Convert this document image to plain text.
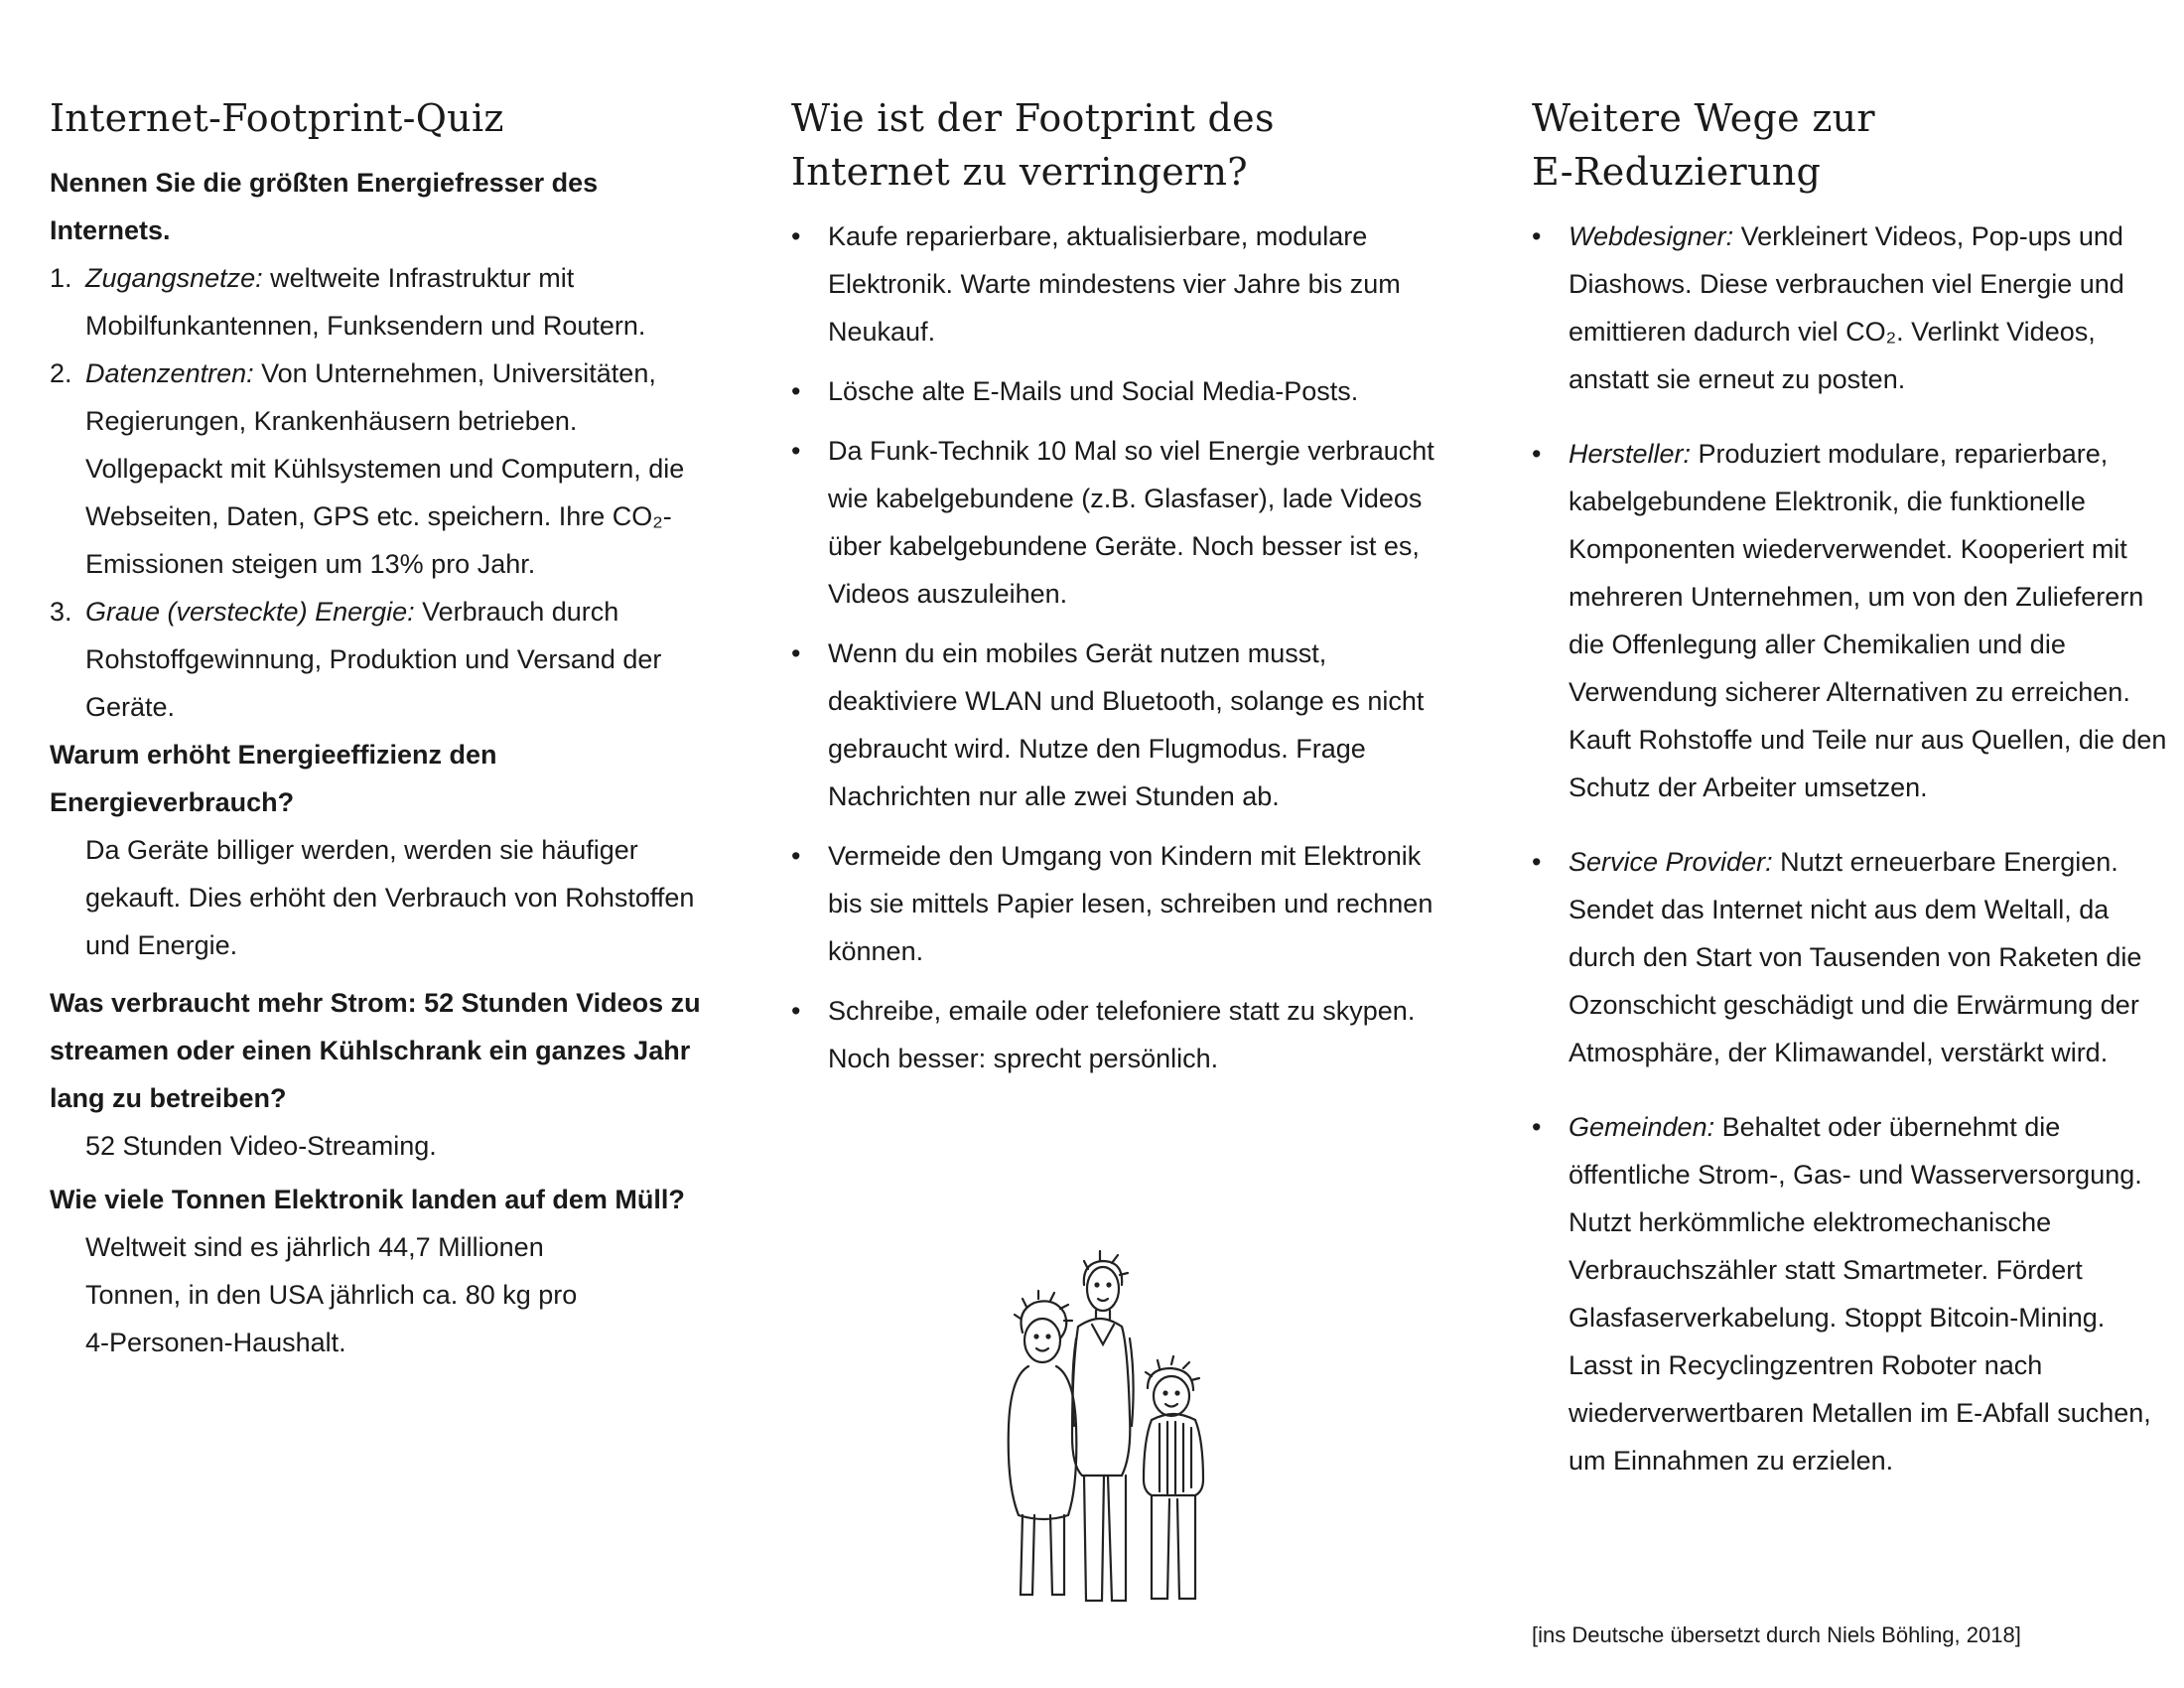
Internet-Footprint-Quiz

Nennen Sie die größten Energiefresser des Internets.

1. Zugangsnetze: weltweite Infrastruktur mit Mobilfunkantennen, Funksendern und Routern.
2. Datenzentren: Von Unternehmen, Universitäten, Regierungen, Krankenhäusern betrieben. Vollgepackt mit Kühlsystemen und Computern, die Webseiten, Daten, GPS etc. speichern. Ihre CO₂-Emissionen steigen um 13% pro Jahr.
3. Graue (versteckte) Energie: Verbrauch durch Rohstoffgewinnung, Produktion und Versand der Geräte.

Warum erhöht Energieeffizienz den Energieverbrauch?

Da Geräte billiger werden, werden sie häufiger gekauft. Dies erhöht den Verbrauch von Rohstoffen und Energie.

Was verbraucht mehr Strom: 52 Stunden Videos zu streamen oder einen Kühlschrank ein ganzes Jahr lang zu betreiben?

52 Stunden Video-Streaming.

Wie viele Tonnen Elektronik landen auf dem Müll?

Weltweit sind es jährlich 44,7 Millionen Tonnen, in den USA jährlich ca. 80 kg pro 4-Personen-Haushalt.

Wie ist der Footprint des
Internet zu verringern?
• Kaufe reparierbare, aktualisierbare, modulare Elektronik. Warte mindestens vier Jahre bis zum Neukauf.
• Lösche alte E-Mails und Social Media-Posts.
• Da Funk-Technik 10 Mal so viel Energie verbraucht wie kabelgebundene (z.B. Glasfaser), lade Videos über kabelgebundene Geräte. Noch besser ist es, Videos auszuleihen.
• Wenn du ein mobiles Gerät nutzen musst, deaktiviere WLAN und Bluetooth, solange es nicht gebraucht wird. Nutze den Flugmodus. Frage Nachrichten nur alle zwei Stunden ab.
• Vermeide den Umgang von Kindern mit Elektronik bis sie mittels Papier lesen, schreiben und rechnen können.
• Schreibe, emaile oder telefoniere statt zu skypen. Noch besser: sprecht persönlich.
Weitere Wege zur
E-Reduzierung
• Webdesigner: Verkleinert Videos, Pop-ups und Diashows. Diese verbrauchen viel Energie und emittieren dadurch viel CO₂. Verlinkt Videos, anstatt sie erneut zu posten.
• Hersteller: Produziert modulare, reparierbare, kabelgebundene Elektronik, die funktionelle Komponenten wiederverwendet. Kooperiert mit mehreren Unternehmen, um von den Zulieferern die Offenlegung aller Chemikalien und die Verwendung sicherer Alternativen zu erreichen. Kauft Rohstoffe und Teile nur aus Quellen, die den Schutz der Arbeiter umsetzen.
• Service Provider: Nutzt erneuerbare Energien. Sendet das Internet nicht aus dem Weltall, da durch den Start von Tausenden von Raketen die Ozonschicht geschädigt und die Erwärmung der Atmosphäre, der Klimawandel, verstärkt wird.
• Gemeinden: Behaltet oder übernehmt die öffentliche Strom-, Gas- und Wasserversorgung. Nutzt herkömmliche elektromechanische Verbrauchszähler statt Smartmeter. Fördert Glasfaserverkabelung. Stoppt Bitcoin-Mining. Lasst in Recyclingzentren Roboter nach wiederverwertbaren Metallen im E-Abfall suchen, um Einnahmen zu erzielen.
[ins Deutsche übersetzt durch Niels Böhling, 2018]
